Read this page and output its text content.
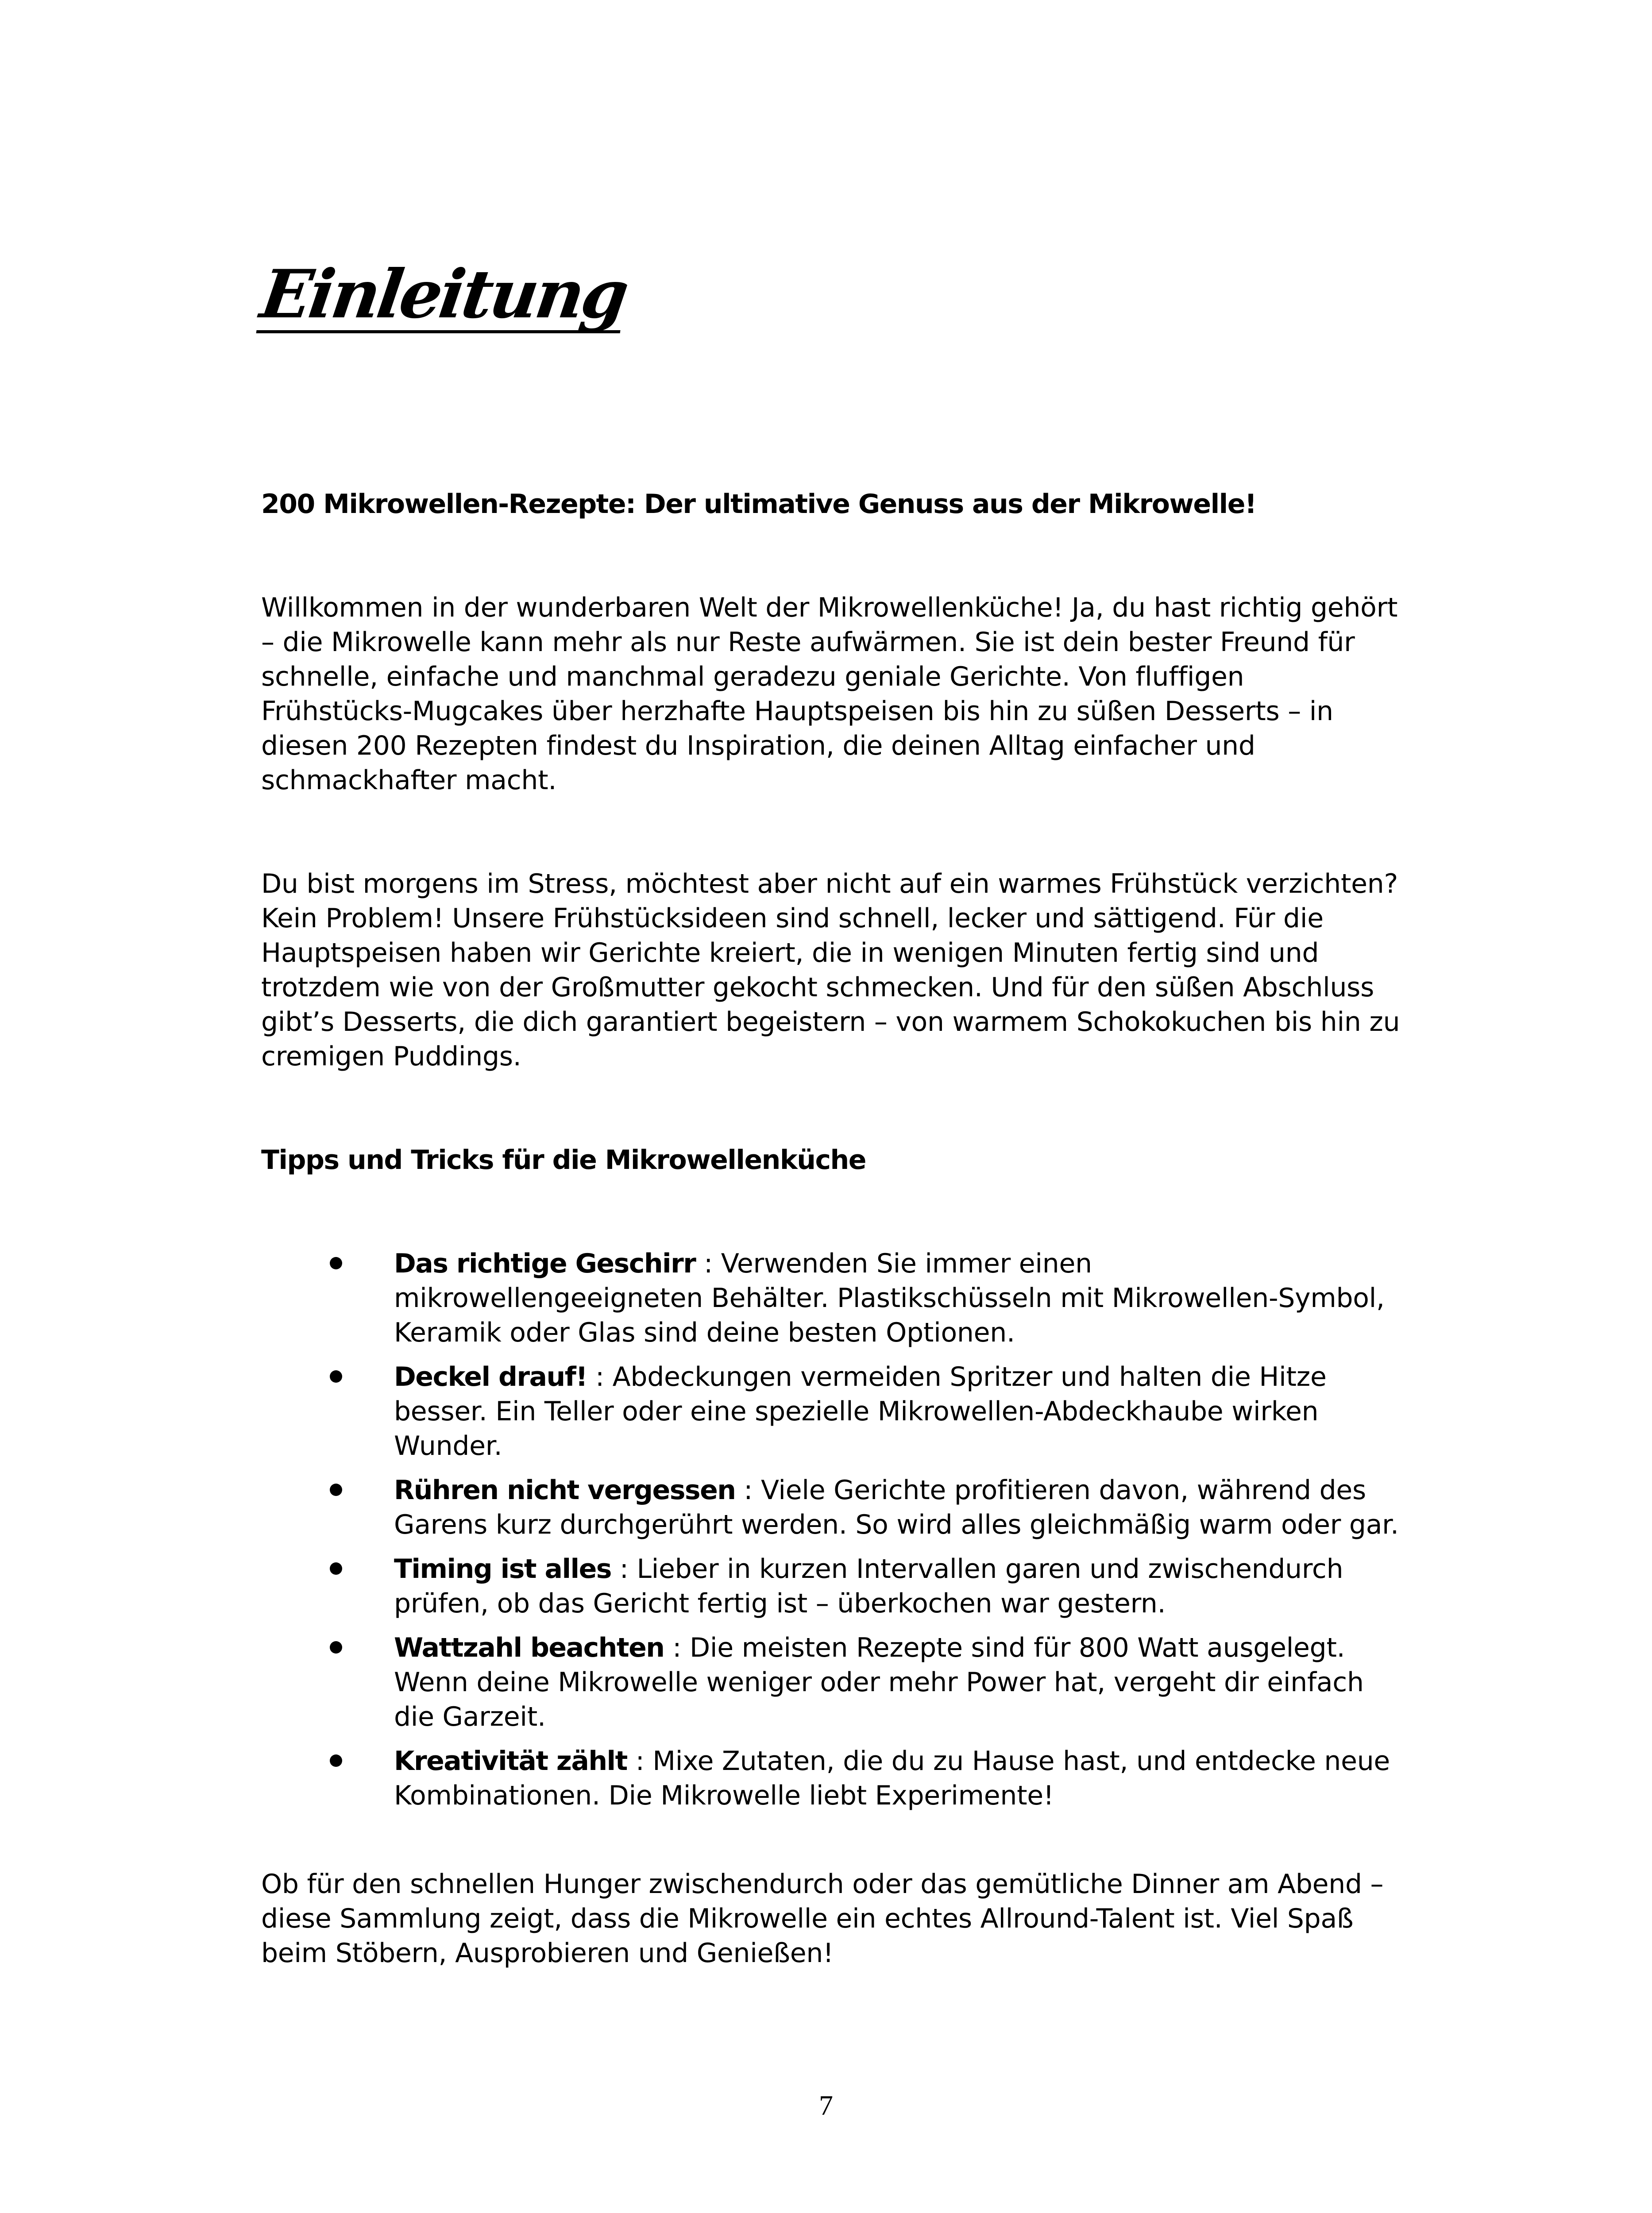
Einleitung

200 Mikrowellen-Rezepte: Der ultimative Genuss aus der Mikrowelle!

Willkommen in der wunderbaren Welt der Mikrowellenküche! Ja, du hast richtig gehört – die Mikrowelle kann mehr als nur Reste aufwärmen. Sie ist dein bester Freund für schnelle, einfache und manchmal geradezu geniale Gerichte. Von fluffigen Frühstücks-Mugcakes über herzhafte Hauptspeisen bis hin zu süßen Desserts – in diesen 200 Rezepten findest du Inspiration, die deinen Alltag einfacher und schmackhafter macht.

Du bist morgens im Stress, möchtest aber nicht auf ein warmes Frühstück verzichten? Kein Problem! Unsere Frühstücksideen sind schnell, lecker und sättigend. Für die Hauptspeisen haben wir Gerichte kreiert, die in wenigen Minuten fertig sind und trotzdem wie von der Großmutter gekocht schmecken. Und für den süßen Abschluss gibt’s Desserts, die dich garantiert begeistern – von warmem Schokokuchen bis hin zu cremigen Puddings.

Tipps und Tricks für die Mikrowellenküche

Das richtige Geschirr : Verwenden Sie immer einen mikrowellengeeigneten Behälter. Plastikschüsseln mit Mikrowellen-Symbol, Keramik oder Glas sind deine besten Optionen.
Deckel drauf! : Abdeckungen vermeiden Spritzer und halten die Hitze besser. Ein Teller oder eine spezielle Mikrowellen-Abdeckhaube wirken Wunder.
Rühren nicht vergessen : Viele Gerichte profitieren davon, während des Garens kurz durchgerührt werden. So wird alles gleichmäßig warm oder gar.
Timing ist alles : Lieber in kurzen Intervallen garen und zwischendurch prüfen, ob das Gericht fertig ist – überkochen war gestern.
Wattzahl beachten : Die meisten Rezepte sind für 800 Watt ausgelegt. Wenn deine Mikrowelle weniger oder mehr Power hat, vergeht dir einfach die Garzeit.
Kreativität zählt : Mixe Zutaten, die du zu Hause hast, und entdecke neue Kombinationen. Die Mikrowelle liebt Experimente!

Ob für den schnellen Hunger zwischendurch oder das gemütliche Dinner am Abend – diese Sammlung zeigt, dass die Mikrowelle ein echtes Allround-Talent ist. Viel Spaß beim Stöbern, Ausprobieren und Genießen!

7
